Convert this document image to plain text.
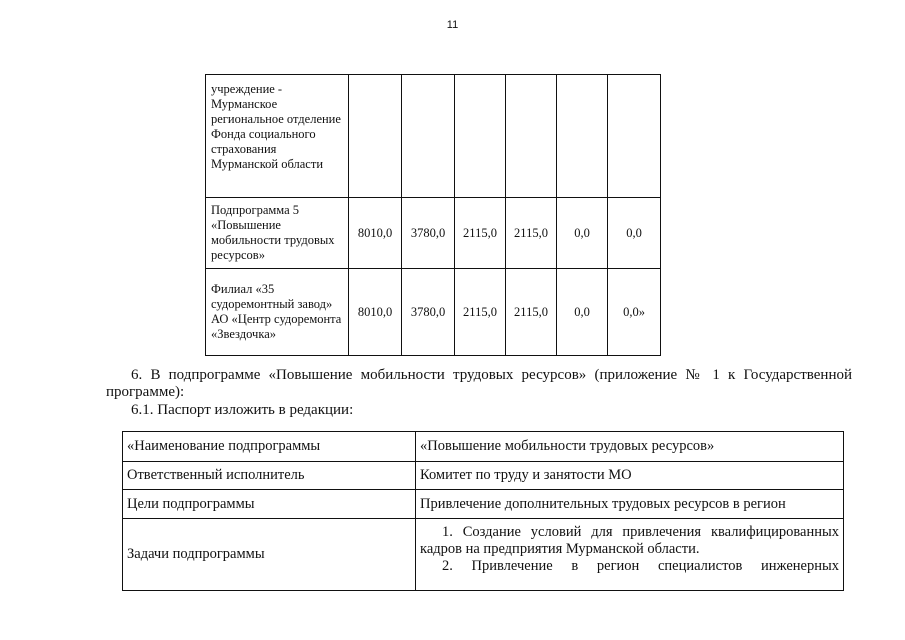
11
учреждение - Мурманское региональное отделение Фонда социального страхования Мурманской области						
Подпрограмма 5 «Повышение мобильности трудовых ресурсов»	8010,0	3780,0	2115,0	2115,0	0,0	0,0
Филиал «35 судоремонтный завод» АО «Центр судоремонта «Звездочка»	8010,0	3780,0	2115,0	2115,0	0,0	0,0»
6. В подпрограмме «Повышение мобильности трудовых ресурсов» (приложение № 1 к Государственной программе):
6.1. Паспорт изложить в редакции:
«Наименование подпрограммы	«Повышение мобильности трудовых ресурсов»
Ответственный исполнитель	Комитет по труду и занятости МО
Цели подпрограммы	Привлечение дополнительных трудовых ресурсов в регион
Задачи подпрограммы	1. Создание условий для привлечения квалифицированных кадров на предприятия Мурманской области.
2. Привлечение в регион специалистов инженерных
